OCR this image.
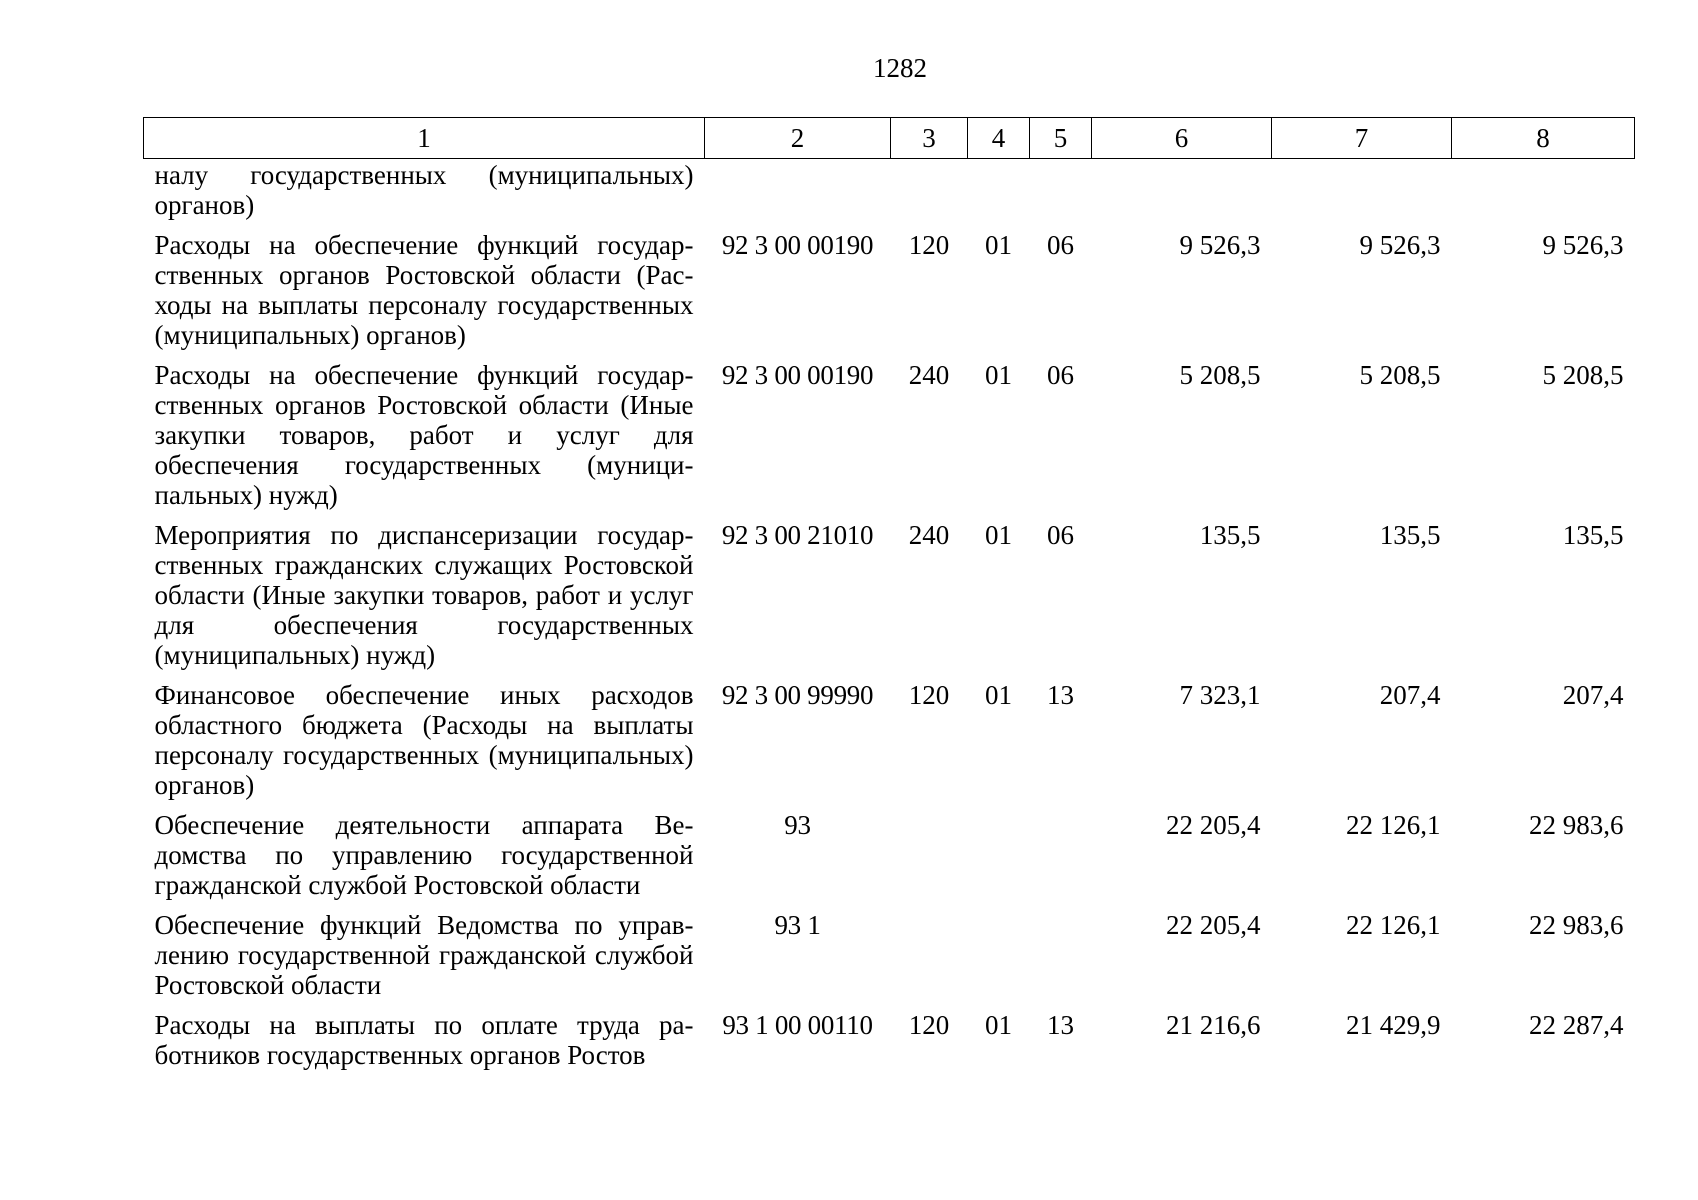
1282
1	2	3	4	5	6	7	8
налу государственных (муниципальных) органов)							
Расходы на обеспечение функций государственных органов Ростовской области (Расходы на выплаты персоналу государственных (муниципальных) органов)	92 3 00 00190	120	01	06	9 526,3	9 526,3	9 526,3
Расходы на обеспечение функций государственных органов Ростовской области (Иные закупки товаров, работ и услуг для обеспечения государственных (муниципальных) нужд)	92 3 00 00190	240	01	06	5 208,5	5 208,5	5 208,5
Мероприятия по диспансеризации государственных гражданских служащих Ростовской области (Иные закупки товаров, работ и услуг для обеспечения государственных (муниципальных) нужд)	92 3 00 21010	240	01	06	135,5	135,5	135,5
Финансовое обеспечение иных расходов областного бюджета (Расходы на выплаты персоналу государственных (муниципальных) органов)	92 3 00 99990	120	01	13	7 323,1	207,4	207,4
Обеспечение деятельности аппарата Ведомства по управлению государственной гражданской службой Ростовской области	93				22 205,4	22 126,1	22 983,6
Обеспечение функций Ведомства по управлению государственной гражданской службой Ростовской области	93 1				22 205,4	22 126,1	22 983,6
Расходы на выплаты по оплате труда работников государственных органов Ростов	93 1 00 00110	120	01	13	21 216,6	21 429,9	22 287,4
